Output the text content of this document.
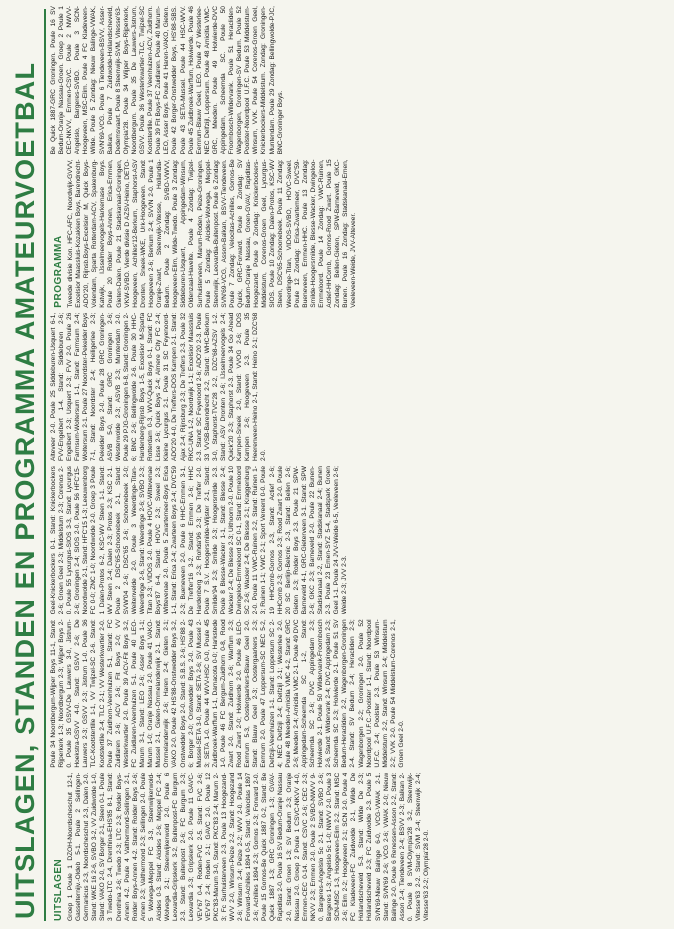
UITSLAGEN, STANDEN EN PROGRAMMA AMATEURVOETBAL UITSLAGEN Groep 1 Poule 1 DZOH-Noordscheschut 12-1, Gasselternijv.-Oldeb 5-1. Poule 2 Sellingen-Germanicus 2-3, Noordscheschut 2-3, Dalen 2-0. Stand: WKE 16 2-6, SVBO 3-2, VV Zuidwolde 1-0, Stand: VAKO 2-0, SV Borger 2-1, Sleen 0-1. Poule 3 Twedo-LTC 2-4, Drenthina-EHS'85 8-1, Stand: Drenthina 2-6; Twedo 2-3; LTC 2-3; Rolder Boys-Annen 4-2. Poule 4 Valthermond-Sellingen 2-1, Rolder Boys-Annen 4-2. Stand: Rolder Boys 2-6; Annen 2-3; Valthermond 2-3; Sellingen 2-0. Poule 5 Wolvega-Meppel FC 3-3, Steenwijkerwold-Alcides 0-3. Stand: Alcides 2-6; Meppel FC 2-4; Wolvega 2-1; Steenwijkerwold 2-0. Poule 6 Leovardia-Gripskerk 3-2, Buitenpost-FC Burgum 2-3. Stand: Buitenpost 2-6; FC Burgum 2-3; Leovardia 2-3; Gripskerk 2-0. Poule 11 GAVC-VEV'67 0-4, Roden-FVC 2-5. Stand: FVC 2-6; VEV'67 2-4; Roden 2-1; GAVC 2-0. Poule 12 PKC'83-Marum 3-0, Stand: PKC'83 2-4; Marum 2-3; Fc Surhuisterveen 2-3. Poule 13 Hoogezand-WVV 2-0, Winsum-Peize 2-2. Stand: Hoogezand 2-6; Winsum 2-4; Peize 2-2; WVV 2-0. Poule 14 Forward-Achilles 1894 0-5, Stand: Velocitas 1897 2-6; Achilles 1894 2-3; Gomos 2-3; Forward 2-0. Poule 15 Gomos-Be Quick 1887 0-2, Stand: Be Quick 1887 1-3; GRC Groningen 1-3; GVAV-Rapiditas 2-0. Poule 16 SV Bedum-Oranje Nassau 2-0, Stand: Groen 1-3; SV Bedum 2-3; Oranje Nassau 2-0. Groep 2 Poule 1 CSVC-NKVV 4-0, Emmen-CEC 0-14. Stand: CSVC 2-6; CEC 2-3; NKVV 2-3; Emmen 2-0. Poule 2 SVBO-NWVV 9-0, Bargeres-Angelslo 5c 2-1. Stand: SVBO 2-6; Bargeres 1-3; Angelslo 5c 1-0; NWVV 2-0. Poule 3 SCN-MSC 1-3, Hoogeveen-Elim 2-2. Stand: MSC 2-6; Elim 2-2; Hoogeveen 2-1; SCN 2-0. Poule 4 FC Kladeveen-FC Zuidwolde 2-1, Wilde De Hollandscheveld 5-3. Stand: Wilde De 2-3; Hollandscheveld 2-3; FC Zuidwolde 2-3. Poule 5 SVN'69-Nieuw Balinge 6-0, VCG-VWAK 2-1. Stand: SVN'69 2-6; VCG 2-6; VWAK 2-0; Nieuw Balinge 2-0. Poule 6 Renessen-Asson 2-2, Stand: Asson 2-4; Tiendeveen 2-4; BSVV 2-3; Balkan 2-0. Poule 8 SVM-Olympia'28 3-2, Steenwijk-Vitesse'63 2-2. Stand: SVM 2-4; Steenwijk 2-4; Vitesse'63 2-2; Olympia'28 2-0.

Poule 34 Noordbergum-Wijper Boys 11-1, Stand: Rijperkerk 1-3; Noordbergum 2-3; Wijper Boys 2-0. Poule 35 GSVV-De Lauwers 3-0, Jistrum-Hoekstra-GSVV 4-0. Stand: GSVV 2-6; De Lauwers 2-3; GSVV 2-3; Jistrum 1-0. Poule 36 TLC-Kootstertille 1-1, VV Twijzel-SC 2-6. Stand: Kootstertille 2-4; TLC 2-1; VV Westerkwartier 2-0. Poule 37 Zuidhorn-Veenhuizen 5-1, Stand: FC Zuidlaren 2-6; ACV 2-6; Fit Boys 2-0; VV Westerkwartier 2-0. Poule 39 ACV-Fit Boys 3-2, FC Zuidlaren-Veenhuizen 5-1. Poule 40 LEO-Marum 3-1, Stand: LEO 2-6; Asser Boys 1-1; Marum 1-0; Oranje Nassau 2-0. Poule 41 VAKO-Mussel 2-1, Gieten-Ommelanderwijk 2-1. Stand: Ommelanderwijk 2-6; Haren 2-4; Gieten 2-1; VAKO 2-0. Poule 42 HS'88-Onstwedder Boys 3-2, Onstwedder Boys 2-0. Stand: S.B.S. 2-6; HS'88 2-6; Borger 2-0; Onstwedder Boys 2-0. Poule 43 Mussel-SETA 3-0, Stand: SETA 2-6; SV Mussel 2-3; SETA 1-0. Poule 44 WVV-HSC 0-0, Poule 45 Zuidbroek-Warffum 1-1, Damacota 0-0; Harkstede 1-0. Poule 46 FC Bergum-Zuidhorn 0-8, Rood Zwart 2-0. Stand: Zuidhorn 2-6; Warffum 2-3; Rood Zwart 2-0; Holwierde 2-0. Poule 46 LEO-Eemrum 5-3, Oostergaarkers-Blauw Geel 2-0. Stand: Blauw Geel 2-3; Oostergaarkers 2-3; Eemrum 2-0. Poule 47 Loppersum-SC NEC 5-2, Delfzijl-Veenhuizen 1-1. Stand: Loppersum SC 2-4; NEC Delfzijl 2-4; Delfzijl 2-1; Westerlee 2-0. Poule 48 Meeden-Amicitia VMC 4-2, Stand: GRC 2-6; Meeden 2-4; Amicitia VMC 2-1. Poule 49 DVC Appingedam-Scheemda SC 1-2, Stand: Scheemda SC 2-6; DVC Appingedam 2-3; Holwierde 2-1. Poule 50 Wildervank-Froombosch 2-6, Stand: Wildervank 2-4; DVC Appingedam 2-3; Scheemda SC 2-3; Holwierde 2-1. Poule 51 SV Bedum-Heracliden 2-2, Wagenborgen-Groningen 2-4. Stand: SV Bedum 2-4; Heracliden 2-3; Wagenborgen 2-2; Groningen 2-0. Poule 52 Noordpool U.F.C.-Poolster 1-1, Stand: Noordpool U.F.C. 2-4; Poolster 2-3. Poule 53 Winsum-Middelstum 2-2, Stand: Winsum 2-4; Middelstum 2-2; VVK 2-0. Poule 54 Middelstum-Corenos 2-1, Groen Geel 2-0.

Geel-Knickerbockers 0-1. Stand: Knickerbockers 2-6; Groen Geel 2-3; Middelstum 2-3; Corenos 2-0. Poule 55 Lycurgus-SIOS 3-3, Stand: Lycurgus 2-6; Groningen 2-4; SIOS 2-0. Poule 56 HFC'15-Noordwolde 2-1, Stand: HFC'15 1-3; Leeuwenborg FC 0-0; ZNC 1-0; Noordwolde 2-0. Groep 3 Poule 1 Dalen-Protos 6-2, KSC-WV Steen 1-1. Stand: WV Steen 2-4; Dalen 2-3; Protos 2-3; KSC 2-1. Poule 2 DSC'65-Schoonebeek 2-1, Stand: SVW'04 2-6; DSC'65 2-6; Schoonebeek 2-0; Weitenvelde 2-0. Poule 3 Weerdinge-Titan-Weerdinge 2-6, Stand: Weerdinge 2-6; SVBO 2-3; Titan 2-3; VIDOS 2-0. Poule 4 HOVC-Wittevenae Boys'87 6-4, Stand: HOVC 2-3; Sweel 2-3; Wittevenae 2-0. Poule 5 Zwartemeer-Boys Erica 1-1, Stand: Erica 2-4; Zwarteen Boys 2-4; DVC'59 2-3; Bueneveen 2-0. Poule 6 HHC-Emmen 3-1, De Treffer'16 3-2. Stand: Emmen 2-6; HHC Hardenberg 2-3; Rohda'96 2-3; De Treffer 2-0. Poule 7 S.V. Hoogersmilde-Wijster 2-1, Stand: Smilde'94 2-3; Smilde 2-3; Hoogersmilde 2-3. Poule 8 Blesse-Wacker 1-1, Stand: Blesse 2-4; Wacker 2-4; De Blesse 2-3; Uithoorn 2-0. Poule 10 Dwingeloo-Emmeloord SC 0-1, Stand: Emmeloord SC 2-6; Wacker 2-4; De Blesse 2-1; Kraggenburg 2-0. Poule 11 VWC-Ruinen 2-2, Stand: Ruinen 1-3; Ruinen 1-1; VWC 2-1; Sport Vereent 0-0. Poule 19 HHComb-Gomos 2-3, Stand: Actief 2-6; HHComb 2-3; Gomos 2-3; Rood Zwart 2-0. Poule 20 SC Berlijn-Belcnic 2-3, Stand: Bellen 2-6; Gieten 2-3; Rolder Boys 2-3. Poule 21 SPW-Barneveld 4-1, GRC-Gieterveen 3-1. Stand: SPW 2-6; GKC 2-3; Barneveld 2-0. Poule 22 Bunen-Stadskanaal 2-2, Stand: Stadskanaal 2-4; Bunen 2-3. Poule 23 Emen-SYZ 5-4, Stadspark Groen Geel 1-1. Poule 24 JVV-Weide 6-5, Veeleveen 2-6; Weide 2-3; JVV 2-3.

Alteveer 2-0. Poule 25 Siddeburen-Usquert 6-1, FVV-Engelbert 1-4. Stand: Siddeburen 2-6; Engelbert 2-3; Usquert 2-3; FVV 2-0. Poule 26 Farmsum-Woltersum 1-1, Stand: Farmsum 2-4; Woltersum 2-1. Poule 27 Noordster-Pekelder Boys 7-1, Stand: Noordster 2-4; Heiligerlee 2-3; Pekelder Boys 2-0. Poule 28 GRC Groningen-ASVB 5-0, Stand: GRC Groningen 2-6; Westerwolde 2-3; ASVB 2-3; Muntendam 2-0. Poule 29 PJG-Groningen 6-8, Stand: Groningen 2-6; BNC 2-6; Bellingwolde 2-6. Poule 30 HHC-Hardenberg-Rijnsb Boys 1-5, Excelsior M-Sparta Rotterdam 0-3, WVV-Quick Boys 0-1, Stand: FC Lisse 2-6; Quick Boys 2-4; Almere City FC 2-4; Kleine Lycurgus 2-1. Poule 31 SC Feyenoord-ADO'20 4-0, De Treffers-DOS Kampen 2-1. Stand: Ajax 2-4; Rijnsburg 2-3; De Treffers 2-3. Poule 32 RKC-UNA 1-2, Noordwijk 1-1; Excelsior Maassluis 2-3. Stand: SC Feyenoord 2-6; ADO'20 2-3. Poule 33 VVSB-Barendrecht 2-2, Stand: WHC-Berkum 3-0, Staphorst-TVC'28 2-2, DZC'68-AZSV 1-2. Stand: ASV Dronten 2-6; IJsselmeervogels 2-4; Quick'20 2-3; Staphorst 2-3. Poule 34 Go Ahead Kampen-Sneek 2-0, Stand: VVOG 2-6; DOS Kampen 2-6; Hoogeveen 2-3. Poule 35 Heerenveen-Heino 2-1, Stand: Heino 2-1; DZC'68 2-0.

PROGRAMMA Tweede divisie Kon. HFC-AFC, Noordwijk-GVVV, Excelsior Maassluis-Kozakken Boys, Barendrecht-ADO'20, Rijnsb.Boys-Excelsior M, Quick Boys-Volendam, Sparta Rotterdam-ACV, Spakenburg-Katwijk, IJsselmeervogels-Harkemase Boys. Poule 20 Rolder Boys-Annen, Erica-Emmen, Gieten-Dalen. Poule 21 Stadskanaal-Groningen, VKW-SVBO. Vierde divisie D AZSV-Heino, DETO-Hoogeveen, Achilles'12-Berkum, Staphorst-ASV Dronten, Sneek-WKE, Urk-Hoogeveen. Stand: Hoogeveen 2-6; Berkum 2-4; SVVN 2-0. Poule 1 Oranje-Zwart, Steenwijk-Vitesse, Hollandia-Bedum. Poule 2 Zondag: SVBO-VWVV, Hoogeveen-Elim, Wilde-Twedo. Poule 3 Zondag: Siddeburen-Usquert, Appingedam-Winsum, Oldenzaal-Havelte. Poule 4 Zondag: Twijzel-Surhuisterveen, Marum-Roden, Peize-Groningen. Poule 5 Zondag: Alcides-Wolvega, Meppel-Steenwijk, Leovardia-Buitenpost. Poule 6 Zondag: SVN'69-VCG, Asson-Balkan, BSVV-Tiendeveen. Poule 7 Zondag: Velocitas-Achilles, Gomos-Be Quick, GRC-Forward. Poule 8 Zondag: SV Bedum-Oranje Nassau, Groen-GVAV, Rapiditas-Hoogezand. Poule 9 Zondag: Knickerbockers-Middelstum, Corenos-Groen Geel, Lycurgus-SIOS. Poule 10 Zondag: Dalen-Protos, KSC-WV Steen, DSC'65-Schoonebeek. Poule 11 Zondag: Weerdinge-Titan, VIDOS-SVBO, HOVC-Sweel. Poule 12 Zondag: Erica-Zwartemeer, DVC'59-Bueneveen, Emmen-HHC. Poule 13 Zondag: Smilde-Hoogersmilde, Blesse-Wacker, Dwingeloo-Emmeloord. Poule 14 Zondag: VWC-Ruinen, Actief-HHComb, Gomos-Rood Zwart. Poule 15 Zondag: Bellen-Gieten, SPW-Barneveld, GKC-Bunen. Poule 16 Zondag: Stadskanaal-Emen, Veeleveen-Weide, JVV-Alteveer.

Be Quick 1887-GRC Groningen. Poule 16 SV Bedum-Oranje Nassau-Groen. Groep 2 Poule 1 CEC-NKVV, Emmen-CSVC. Poule 2 NWVV-Angelslo, Bargeres-SVBO. Poule 3 SCN-Hoogeveen, MSC-Elim. Poule 4 FC Kladeveen-Wilde. Poule 5 Zondag: Nieuw Balinge-VWAK, SVN'69-VCG. Poule 6 Tiendeveen-BSVV, Asser-Balkan. Poule 7 Zuidwolde-Hollandscheveld, Dedemsvaart. Poule 8 Steenwijk-SVM, Vitesse'63-Olympia'28. Poule 34 Wijper Boys-Rijperkerk, Noordbergum. Poule 35 De Lauwers-Jistrum, GSVV. Poule 36 Westerkwartier-TLC, Twijzel-SC Kootstertille. Poule 37 Veenhuizen-ACV, Zuidhorn. Poule 39 Fit Boys-FC Zuidlaren. Poule 40 Marum-LEO, Asser Boys. Poule 41 Haren-VAKO, Gieten. Poule 42 Borger-Onstwedder Boys, HS'88-SBS. Poule 43 SETA-Mussel. Poule 44 HSC-WVV. Poule 45 Zuidbroek-Warffum, Holwierde. Poule 46 Eemrum-Blauw Geel, LEO. Poule 47 Westerlee-NEC Delfzijl, Loppersum. Poule 48 Amicitia VMC-GRC, Meeden. Poule 49 Holwierde-DVC Appingedam, Scheemda SC. Poule 50 Froombosch-Wildervank. Poule 51 Heracliden-Wagenborgen, Groningen-SV Bedum. Poule 52 Poolster-Noordpool U.F.C. Poule 53 Middelstum-Winsum, VVK. Poule 54 Corenos-Groen Geel, Knickerbockers-Middelstum. Zondag: Groningen-Muntendam. Poule 29 Zondag: Bellingwolde-PJC, BNC-Groninger Boys.
